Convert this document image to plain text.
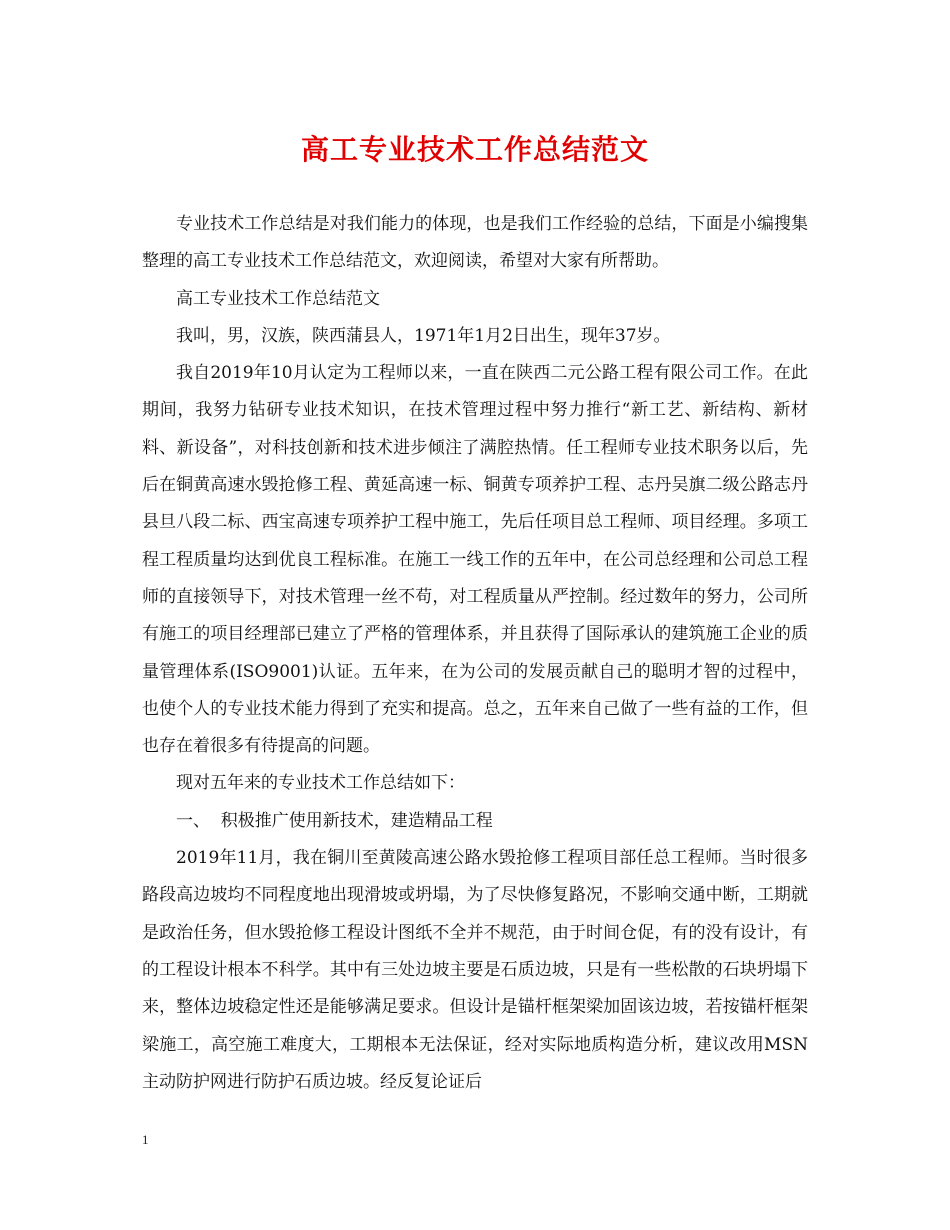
高工专业技术工作总结范文

专业技术工作总结是对我们能力的体现，也是我们工作经验的总结，下面是小编搜集整理的高工专业技术工作总结范文，欢迎阅读，希望对大家有所帮助。

高工专业技术工作总结范文

我叫，男，汉族，陕西蒲县人，1971年1月2日出生，现年37岁。

我自2019年10月认定为工程师以来，一直在陕西二元公路工程有限公司工作。在此期间，我努力钻研专业技术知识，在技术管理过程中努力推行“新工艺、新结构、新材料、新设备”，对科技创新和技术进步倾注了满腔热情。任工程师专业技术职务以后，先后在铜黄高速水毁抢修工程、黄延高速一标、铜黄专项养护工程、志丹吴旗二级公路志丹县旦八段二标、西宝高速专项养护工程中施工，先后任项目总工程师、项目经理。多项工程工程质量均达到优良工程标准。在施工一线工作的五年中，在公司总经理和公司总工程师的直接领导下，对技术管理一丝不苟，对工程质量从严控制。经过数年的努力，公司所有施工的项目经理部已建立了严格的管理体系，并且获得了国际承认的建筑施工企业的质量管理体系(ISO9001)认证。五年来，在为公司的发展贡献自己的聪明才智的过程中，也使个人的专业技术能力得到了充实和提高。总之，五年来自己做了一些有益的工作，但也存在着很多有待提高的问题。

现对五年来的专业技术工作总结如下：

一、  积极推广使用新技术，建造精品工程

2019年11月，我在铜川至黄陵高速公路水毁抢修工程项目部任总工程师。当时很多路段高边坡均不同程度地出现滑坡或坍塌，为了尽快修复路况，不影响交通中断，工期就是政治任务，但水毁抢修工程设计图纸不全并不规范，由于时间仓促，有的没有设计，有的工程设计根本不科学。其中有三处边坡主要是石质边坡，只是有一些松散的石块坍塌下来，整体边坡稳定性还是能够满足要求。但设计是锚杆框架梁加固该边坡，若按锚杆框架梁施工，高空施工难度大，工期根本无法保证，经对实际地质构造分析，建议改用MSN主动防护网进行防护石质边坡。经反复论证后

1
